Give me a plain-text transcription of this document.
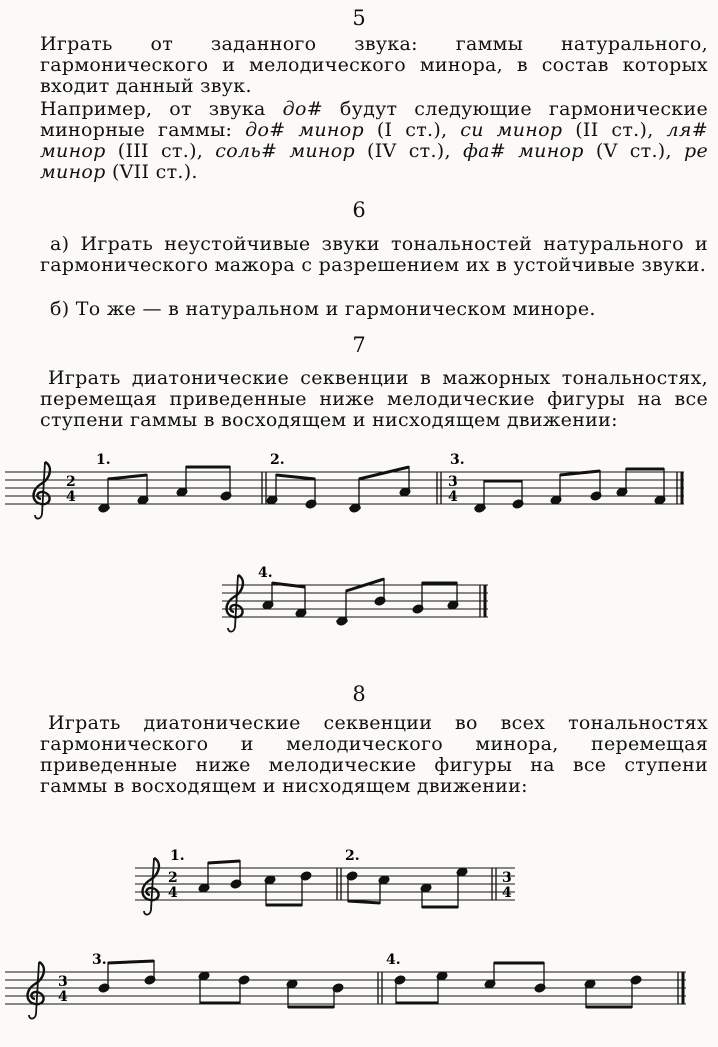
5
Играть от заданного звука: гаммы натурального, гармонического и мелодического минора, в состав которых входит данный звук.
Например, от звука до# будут следующие гармонические минорные гаммы: до# минор (I ст.), си минор (II ст.), ля# минор (III ст.), соль# минор (IV ст.), фа# минор (V ст.), ре минор (VII ст.).
6
а) Играть неустойчивые звуки тональностей натурального и гармонического мажора с разрешением их в устойчивые звуки.
б) То же — в натуральном и гармоническом миноре.
7
Играть диатонические секвенции в мажорных тональностях, перемещая приведенные ниже мелодические фигуры на все ступени гаммы в восходящем и нисходящем движении:
8
Играть диатонические секвенции во всех тональностях гармонического и мелодического минора, перемещая приведенные ниже мелодические фигуры на все ступени гаммы в восходящем и нисходящем движении:
2
4
1.	2.	3.
3
4
4.
2
4
1.	2.
3
4
3
4
3.	4.
